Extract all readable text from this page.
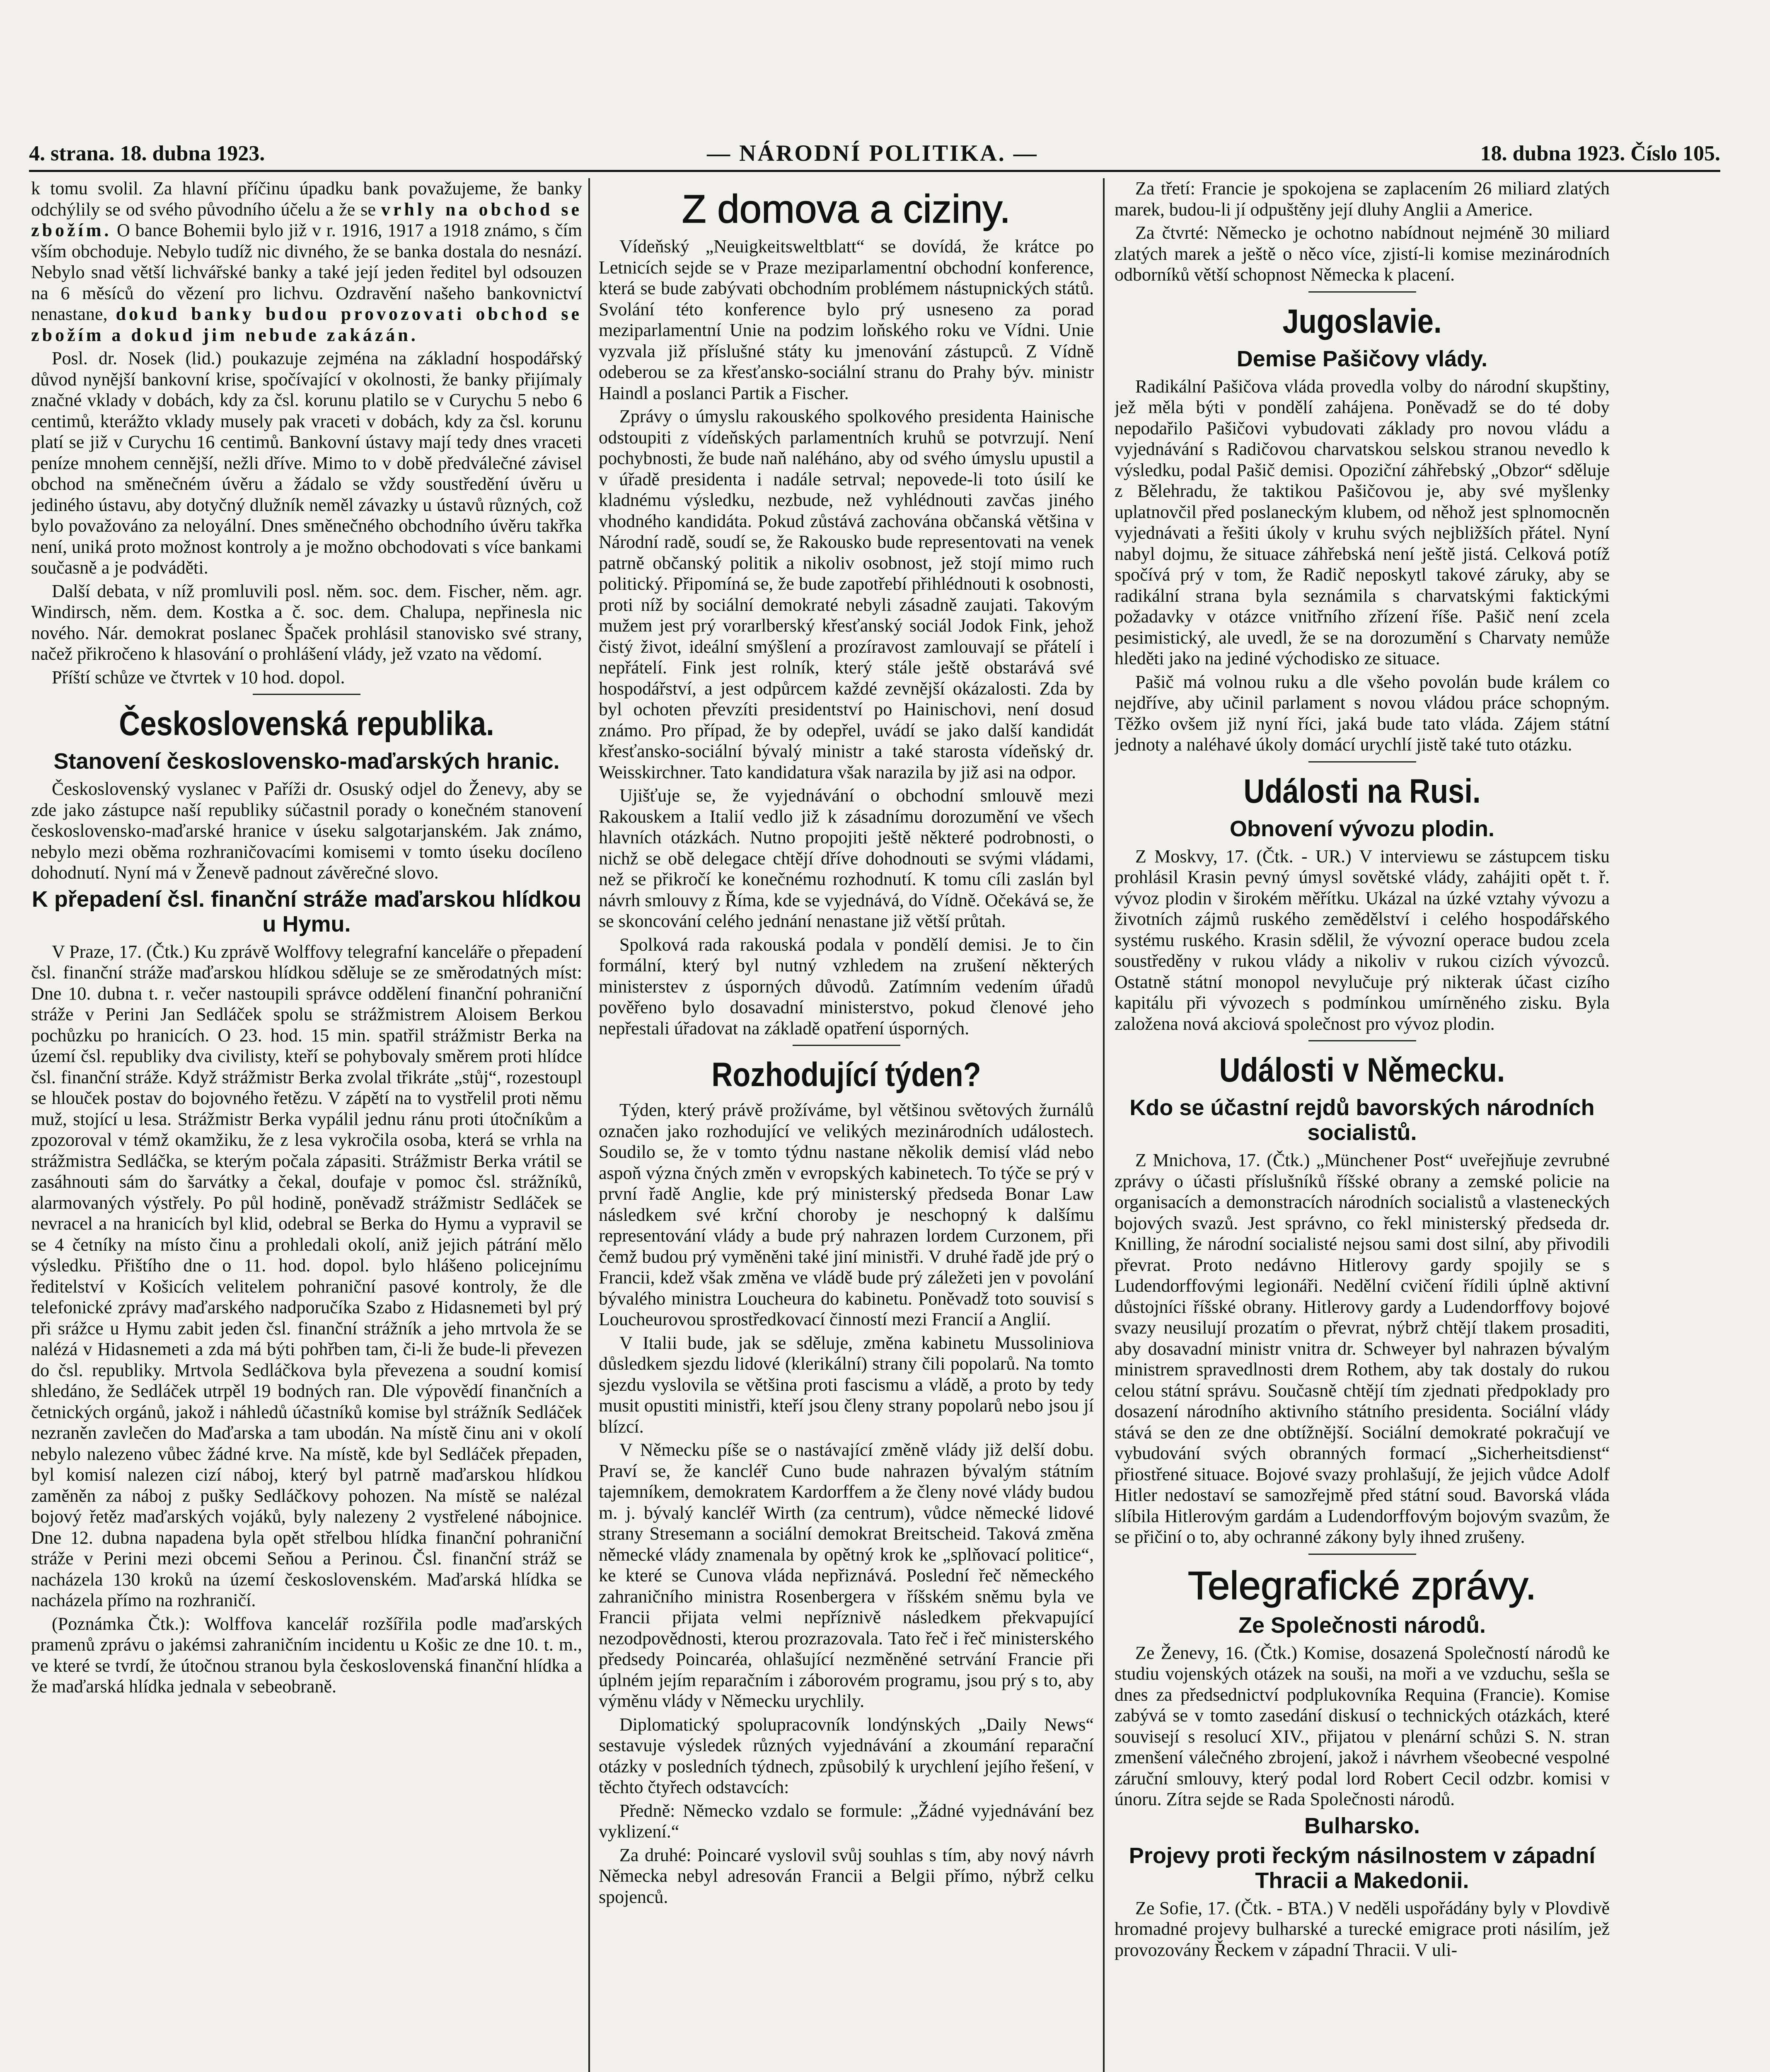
4. strana. 18. dubna 1923.	— NÁRODNÍ POLITIKA. —	18. dubna 1923. Číslo 105.

k tomu svolil. Za hlavní příčinu úpadku bank považujeme, že banky odchýlily se od svého původního účelu a že se vrhly na obchod se zbožím. O bance Bohemii bylo již v r. 1916, 1917 a 1918 známo, s čím vším obchoduje. Nebylo tudíž nic divného, že se banka dostala do nesnází. Nebylo snad větší lichvářské banky a také její jeden ředitel byl odsouzen na 6 měsíců do vězení pro lichvu. Ozdravění našeho bankovnictví nenastane, dokud banky budou provozovati obchod se zbožím a dokud jim nebude zakázán.

Posl. dr. Nosek (lid.) poukazuje zejména na základní hospodářský důvod nynější bankovní krise, spočívající v okolnosti, že banky přijímaly značné vklady v dobách, kdy za čsl. korunu platilo se v Curychu 5 nebo 6 centimů, kterážto vklady musely pak vraceti v dobách, kdy za čsl. korunu platí se již v Curychu 16 centimů. Bankovní ústavy mají tedy dnes vraceti peníze mnohem cennější, nežli dříve. Mimo to v době předválečné závisel obchod na směnečném úvěru a žádalo se vždy soustředění úvěru u jediného ústavu, aby dotyčný dlužník neměl závazky u ústavů různých, což bylo považováno za neloyální. Dnes směnečného obchodního úvěru takřka není, uniká proto možnost kontroly a je možno obchodovati s více bankami současně a je podváděti.

Další debata, v níž promluvili posl. něm. soc. dem. Fischer, něm. agr. Windirsch, něm. dem. Kostka a č. soc. dem. Chalupa, nepřinesla nic nového. Nár. demokrat poslanec Špaček prohlásil stanovisko své strany, načež přikročeno k hlasování o prohlášení vlády, jež vzato na vědomí.

Příští schůze ve čtvrtek v 10 hod. dopol.

Československá republika.
Stanovení československo-maďarských hranic.

Československý vyslanec v Paříži dr. Osuský odjel do Ženevy, aby se zde jako zástupce naší republiky súčastnil porady o konečném stanovení československo-maďarské hranice v úseku salgotarjanském. Jak známo, nebylo mezi oběma rozhraničovacími komisemi v tomto úseku docíleno dohodnutí. Nyní má v Ženevě padnout závěrečné slovo.

K přepadení čsl. finanční stráže maďarskou hlídkou u Hymu.

V Praze, 17. (Čtk.) Ku zprávě Wolffovy telegrafní kanceláře o přepadení čsl. finanční stráže maďarskou hlídkou sděluje se ze směrodatných míst: Dne 10. dubna t. r. večer nastoupili správce oddělení finanční pohraniční stráže v Perini Jan Sedláček spolu se strážmistrem Aloisem Berkou pochůzku po hranicích. O 23. hod. 15 min. spatřil strážmistr Berka na území čsl. republiky dva civilisty, kteří se pohybovaly směrem proti hlídce čsl. finanční stráže. Když strážmistr Berka zvolal třikráte „stůj“, rozestoupl se hlouček postav do bojovného řetězu. V zápětí na to vystřelil proti němu muž, stojící u lesa. Strážmistr Berka vypálil jednu ránu proti útočníkům a zpozoroval v témž okamžiku, že z lesa vykročila osoba, která se vrhla na strážmistra Sedláčka, se kterým počala zápasiti. Strážmistr Berka vrátil se zasáhnouti sám do šarvátky a čekal, doufaje v pomoc čsl. strážníků, alarmovaných výstřely. Po půl hodině, poněvadž strážmistr Sedláček se nevracel a na hranicích byl klid, odebral se Berka do Hymu a vypravil se se 4 četníky na místo činu a prohledali okolí, aniž jejich pátrání mělo výsledku. Přištího dne o 11. hod. dopol. bylo hlášeno policejnímu ředitelství v Košicích velitelem pohraniční pasové kontroly, že dle telefonické zprávy maďarského nadporučíka Szabo z Hidasnemeti byl prý při srážce u Hymu zabit jeden čsl. finanční strážník a jeho mrtvola že se nalézá v Hidasnemeti a zda má býti pohřben tam, či-li že bude-li převezen do čsl. republiky. Mrtvola Sedláčkova byla převezena a soudní komisí shledáno, že Sedláček utrpěl 19 bodných ran. Dle výpovědí finančních a četnických orgánů, jakož i náhledů účastníků komise byl strážník Sedláček nezraněn zavlečen do Maďarska a tam ubodán. Na místě činu ani v okolí nebylo nalezeno vůbec žádné krve. Na místě, kde byl Sedláček přepaden, byl komisí nalezen cizí náboj, který byl patrně maďarskou hlídkou zaměněn za náboj z pušky Sedláčkovy pohozen. Na místě se nalézal bojový řetěz maďarských vojáků, byly nalezeny 2 vystřelené nábojnice. Dne 12. dubna napadena byla opět střelbou hlídka finanční pohraniční stráže v Perini mezi obcemi Seňou a Perinou. Čsl. finanční stráž se nacházela 130 kroků na území československém. Maďarská hlídka se nacházela přímo na rozhraničí.

(Poznámka Čtk.): Wolffova kancelář rozšířila podle maďarských pramenů zprávu o jakémsi zahraničním incidentu u Košic ze dne 10. t. m., ve které se tvrdí, že útočnou stranou byla československá finanční hlídka a že maďarská hlídka jednala v sebeobraně.

Z domova a ciziny.

Vídeňský „Neuigkeitsweltblatt“ se dovídá, že krátce po Letnicích sejde se v Praze meziparlamentní obchodní konference, která se bude zabývati obchodním problémem nástupnických států. Svolání této konference bylo prý usneseno za porad meziparlamentní Unie na podzim loňského roku ve Vídni. Unie vyzvala již příslušné státy ku jmenování zástupců. Z Vídně odeberou se za křesťansko-sociální stranu do Prahy býv. ministr Haindl a poslanci Partik a Fischer.

Zprávy o úmyslu rakouského spolkového presidenta Hainische odstoupiti z vídeňských parlamentních kruhů se potvrzují. Není pochybnosti, že bude naň naléháno, aby od svého úmyslu upustil a v úřadě presidenta i nadále setrval; nepovede-li toto úsilí ke kladnému výsledku, nezbude, než vyhlédnouti zavčas jiného vhodného kandidáta. Pokud zůstává zachována občanská většina v Národní radě, soudí se, že Rakousko bude representovati na venek patrně občanský politik a nikoliv osobnost, jež stojí mimo ruch politický. Připomíná se, že bude zapotřebí přihlédnouti k osobnosti, proti níž by sociální demokraté nebyli zásadně zaujati. Takovým mužem jest prý vorarlberský křesťanský sociál Jodok Fink, jehož čistý život, ideální smýšlení a prozíravost zamlouvají se přátelí i nepřátelí. Fink jest rolník, který stále ještě obstarává své hospodářství, a jest odpůrcem každé zevnější okázalosti. Zda by byl ochoten převzíti presidentství po Hainischovi, není dosud známo. Pro případ, že by odepřel, uvádí se jako další kandidát křesťansko-sociální bývalý ministr a také starosta vídeňský dr. Weisskirchner. Tato kandidatura však narazila by již asi na odpor.

Ujišťuje se, že vyjednávání o obchodní smlouvě mezi Rakouskem a Italií vedlo již k zásadnímu dorozumění ve všech hlavních otázkách. Nutno propojiti ještě některé podrobnosti, o nichž se obě delegace chtějí dříve dohodnouti se svými vládami, než se přikročí ke konečnému rozhodnutí. K tomu cíli zaslán byl návrh smlouvy z Říma, kde se vyjednává, do Vídně. Očekává se, že se skoncování celého jednání nenastane již větší průtah.

Spolková rada rakouská podala v pondělí demisi. Je to čin formální, který byl nutný vzhledem na zrušení některých ministerstev z úsporných důvodů. Zatímním vedením úřadů pověřeno bylo dosavadní ministerstvo, pokud členové jeho nepřestali úřadovat na základě opatření úsporných.

Rozhodující týden?

Týden, který právě prožíváme, byl většinou světových žurnálů označen jako rozhodující ve velikých mezinárodních událostech. Soudilo se, že v tomto týdnu nastane několik demisí vlád nebo aspoň význa čných změn v evropských kabinetech. To týče se prý v první řadě Anglie, kde prý ministerský předseda Bonar Law následkem své krční choroby je neschopný k dalšímu representování vlády a bude prý nahrazen lordem Curzonem, při čemž budou prý vyměněni také jiní ministři. V druhé řadě jde prý o Francii, kdež však změna ve vládě bude prý záležeti jen v povolání bývalého ministra Loucheura do kabinetu. Poněvadž toto souvisí s Loucheurovou sprostředkovací činností mezi Francií a Anglií.

V Italii bude, jak se sděluje, změna kabinetu Mussoliniova důsledkem sjezdu lidové (klerikální) strany čili popolarů. Na tomto sjezdu vyslovila se většina proti fascismu a vládě, a proto by tedy musit opustiti ministři, kteří jsou členy strany popolarů nebo jsou jí blízcí.

V Německu píše se o nastávající změně vlády již delší dobu. Praví se, že kancléř Cuno bude nahrazen bývalým státním tajemníkem, demokratem Kardorffem a že členy nové vlády budou m. j. bývalý kancléř Wirth (za centrum), vůdce německé lidové strany Stresemann a sociální demokrat Breitscheid. Taková změna německé vlády znamenala by opětný krok ke „splňovací politice“, ke které se Cunova vláda nepřiznává. Poslední řeč německého zahraničního ministra Rosenbergera v říšském sněmu byla ve Francii přijata velmi nepříznivě následkem překvapující nezodpovědnosti, kterou prozrazovala. Tato řeč i řeč ministerského předsedy Poincaréa, ohlašující nezměněné setrvání Francie při úplném jejím reparačním i záborovém programu, jsou prý s to, aby výměnu vlády v Německu urychlily.

Diplomatický spolupracovník londýnských „Daily News“ sestavuje výsledek různých vyjednávání a zkoumání reparační otázky v posledních týdnech, způsobilý k urychlení jejího řešení, v těchto čtyřech odstavcích:

Předně: Německo vzdalo se formule: „Žádné vyjednávání bez vyklizení.“

Za druhé: Poincaré vyslovil svůj souhlas s tím, aby nový návrh Německa nebyl adresován Francii a Belgii přímo, nýbrž celku spojenců.

Za třetí: Francie je spokojena se zaplacením 26 miliard zlatých marek, budou-li jí odpuštěny její dluhy Anglii a Americe.

Za čtvrté: Německo je ochotno nabídnout nejméně 30 miliard zlatých marek a ještě o něco více, zjistí-li komise mezinárodních odborníků větší schopnost Německa k placení.

Jugoslavie.
Demise Pašičovy vlády.

Radikální Pašičova vláda provedla volby do národní skupštiny, jež měla býti v pondělí zahájena. Poněvadž se do té doby nepodařilo Pašičovi vybudovati základy pro novou vládu a vyjednávání s Radičovou charvatskou selskou stranou nevedlo k výsledku, podal Pašič demisi. Opoziční záhřebský „Obzor“ sděluje z Bělehradu, že taktikou Pašičovou je, aby své myšlenky uplatnovčil před poslaneckým klubem, od něhož jest splnomocněn vyjednávati a řešiti úkoly v kruhu svých nejbližších přátel. Nyní nabyl dojmu, že situace záhřebská není ještě jistá. Celková potíž spočívá prý v tom, že Radič neposkytl takové záruky, aby se radikální strana byla seznámila s charvatskými faktickými požadavky v otázce vnitřního zřízení říše. Pašič není zcela pesimistický, ale uvedl, že se na dorozumění s Charvaty nemůže hleděti jako na jediné východisko ze situace.

Pašič má volnou ruku a dle všeho povolán bude králem co nejdříve, aby učinil parlament s novou vládou práce schopným. Těžko ovšem již nyní říci, jaká bude tato vláda. Zájem státní jednoty a naléhavé úkoly domácí urychlí jistě také tuto otázku.

Události na Rusi.
Obnovení vývozu plodin.

Z Moskvy, 17. (Čtk. - UR.) V interviewu se zástupcem tisku prohlásil Krasin pevný úmysl sovětské vlády, zahájiti opět t. ř. vývoz plodin v širokém měřítku. Ukázal na úzké vztahy vývozu a životních zájmů ruského zemědělství i celého hospodářského systému ruského. Krasin sdělil, že vývozní operace budou zcela soustředěny v rukou vlády a nikoliv v rukou cizích vývozců. Ostatně státní monopol nevylučuje prý nikterak účast cizího kapitálu při vývozech s podmínkou umírněného zisku. Byla založena nová akciová společnost pro vývoz plodin.

Události v Německu.
Kdo se účastní rejdů bavorských národních socialistů.

Z Mnichova, 17. (Čtk.) „Münchener Post“ uveřejňuje zevrubné zprávy o účasti příslušníků říšské obrany a zemské policie na organisacích a demonstracích národních socialistů a vlasteneckých bojových svazů. Jest správno, co řekl ministerský předseda dr. Knilling, že národní socialisté nejsou sami dost silní, aby přivodili převrat. Proto nedávno Hitlerovy gardy spojily se s Ludendorffovými legionáři. Nedělní cvičení řídili úplně aktivní důstojníci říšské obrany. Hitlerovy gardy a Ludendorffovy bojové svazy neusilují prozatím o převrat, nýbrž chtějí tlakem prosaditi, aby dosavadní ministr vnitra dr. Schweyer byl nahrazen bývalým ministrem spravedlnosti drem Rothem, aby tak dostaly do rukou celou státní správu. Současně chtějí tím zjednati předpoklady pro dosazení národního aktivního státního presidenta. Sociální vlády stává se den ze dne obtížnější. Sociální demokraté pokračují ve vybudování svých obranných formací „Sicherheitsdienst“ přiostřené situace. Bojové svazy prohlašují, že jejich vůdce Adolf Hitler nedostaví se samozřejmě před státní soud. Bavorská vláda slíbila Hitlerovým gardám a Ludendorffovým bojovým svazům, že se přičiní o to, aby ochranné zákony byly ihned zrušeny.

Telegrafické zprávy.
Ze Společnosti národů.

Ze Ženevy, 16. (Čtk.) Komise, dosazená Společností národů ke studiu vojenských otázek na souši, na moři a ve vzduchu, sešla se dnes za předsednictví podplukovníka Requina (Francie). Komise zabývá se v tomto zasedání diskusí o technických otázkách, které souvisejí s resolucí XIV., přijatou v plenární schůzi S. N. stran zmenšení válečného zbrojení, jakož i návrhem všeobecné vespolné záruční smlouvy, který podal lord Robert Cecil odzbr. komisi v únoru. Zítra sejde se Rada Společnosti národů.

Bulharsko.
Projevy proti řeckým násilnostem v západní Thracii a Makedonii.

Ze Sofie, 17. (Čtk. - BTA.) V neděli uspořádány byly v Plovdivě hromadné projevy bulharské a turecké emigrace proti násilím, jež provozovány Řeckem v západní Thracii. V uli-
